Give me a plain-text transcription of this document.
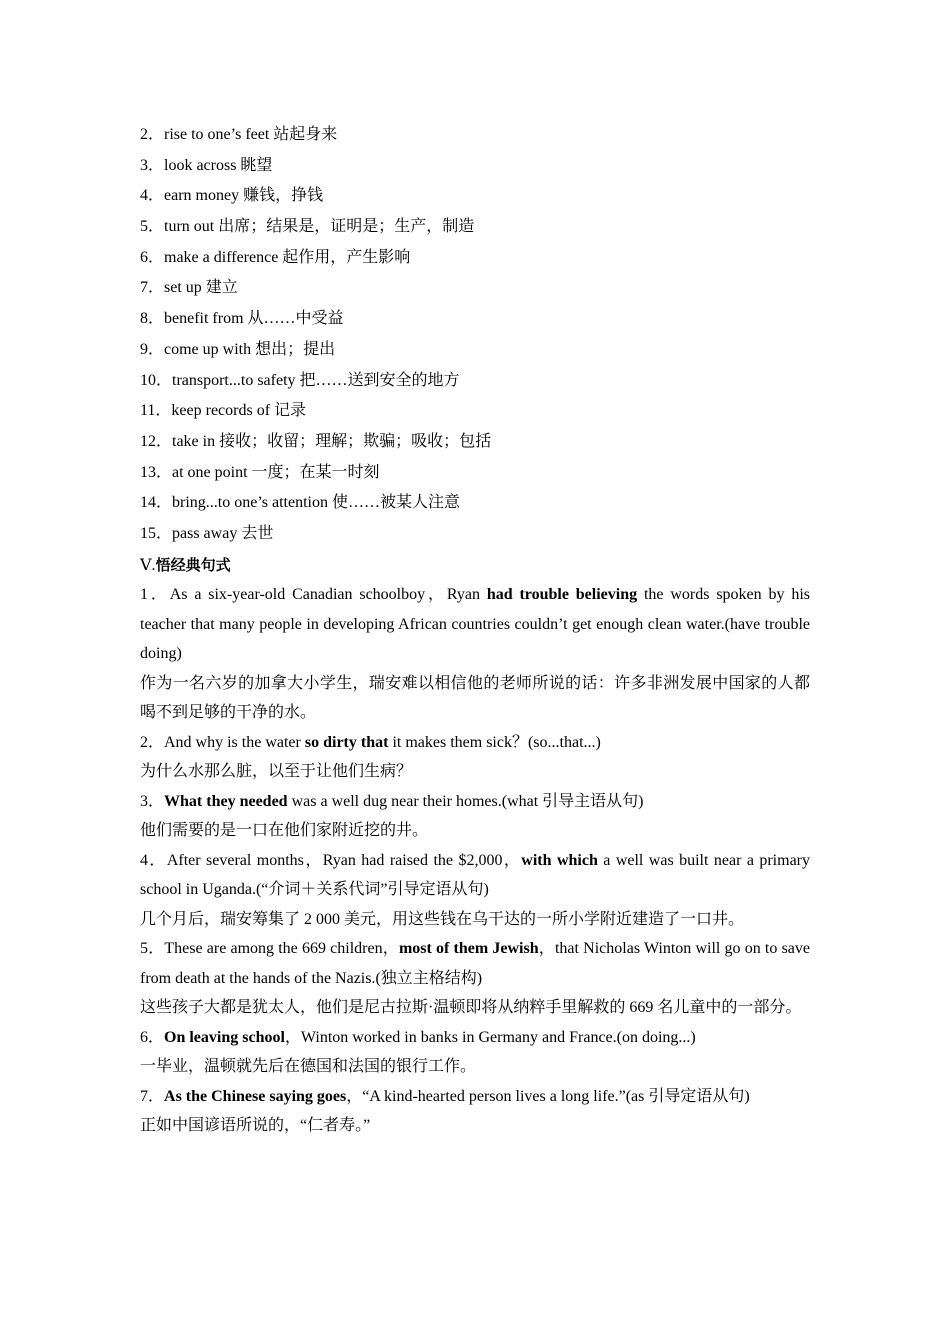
2．rise to one’s feet 站起身来
3．look across 眺望
4．earn money 赚钱，挣钱
5．turn out 出席；结果是，证明是；生产，制造
6．make a difference 起作用，产生影响
7．set up 建立
8．benefit from 从……中受益
9．come up with 想出；提出
10．transport...to safety 把……送到安全的地方
11．keep records of 记录
12．take in 接收；收留；理解；欺骗；吸收；包括
13．at one point 一度；在某一时刻
14．bring...to one’s attention 使……被某人注意
15．pass away 去世
Ⅴ.悟经典句式
1．As a six-year-old Canadian schoolboy，Ryan had trouble believing the words spoken by his teacher that many people in developing African countries couldn’t get enough clean water.(have trouble doing)
作为一名六岁的加拿大小学生，瑞安难以相信他的老师所说的话：许多非洲发展中国家的人都喝不到足够的干净的水。
2．And why is the water so dirty that it makes them sick？(so...that...)
为什么水那么脏，以至于让他们生病？
3．What they needed was a well dug near their homes.(what 引导主语从句)
他们需要的是一口在他们家附近挖的井。
4．After several months，Ryan had raised the $2,000，with which a well was built near a primary school in Uganda.(“介词＋关系代词”引导定语从句)
几个月后，瑞安筹集了 2 000 美元，用这些钱在乌干达的一所小学附近建造了一口井。
5．These are among the 669 children，most of them Jewish，that Nicholas Winton will go on to save from death at the hands of the Nazis.(独立主格结构)
这些孩子大都是犹太人，他们是尼古拉斯·温顿即将从纳粹手里解救的 669 名儿童中的一部分。
6．On leaving school，Winton worked in banks in Germany and France.(on doing...)
一毕业，温顿就先后在德国和法国的银行工作。
7．As the Chinese saying goes，“A kind-hearted person lives a long life.”(as 引导定语从句)
正如中国谚语所说的，“仁者寿。”
